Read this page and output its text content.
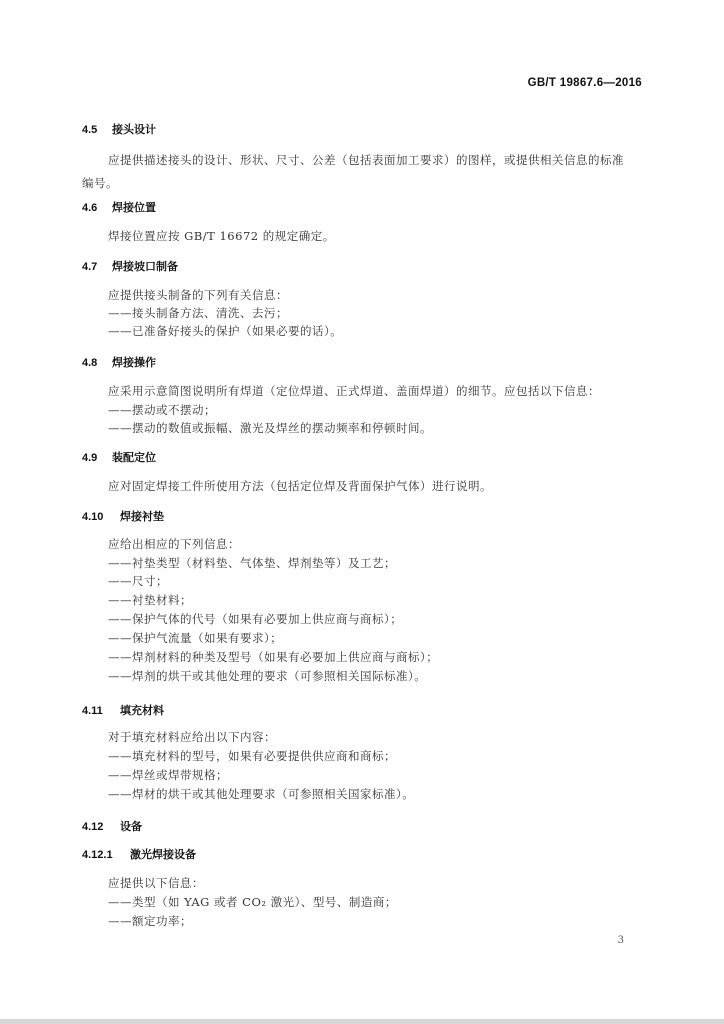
GB/T 19867.6—2016
4.5 接头设计
应提供描述接头的设计、形状、尺寸、公差（包括表面加工要求）的图样，或提供相关信息的标准
编号。
4.6 焊接位置
焊接位置应按 GB/T 16672 的规定确定。
4.7 焊接坡口制备
应提供接头制备的下列有关信息：
——接头制备方法、清洗、去污；
——已准备好接头的保护（如果必要的话）。
4.8 焊接操作
应采用示意简图说明所有焊道（定位焊道、正式焊道、盖面焊道）的细节。应包括以下信息：
——摆动或不摆动；
——摆动的数值或振幅、激光及焊丝的摆动频率和停顿时间。
4.9 装配定位
应对固定焊接工件所使用方法（包括定位焊及背面保护气体）进行说明。
4.10 焊接衬垫
应给出相应的下列信息：
——衬垫类型（材料垫、气体垫、焊剂垫等）及工艺；
——尺寸；
——衬垫材料；
——保护气体的代号（如果有必要加上供应商与商标）；
——保护气流量（如果有要求）；
——焊剂材料的种类及型号（如果有必要加上供应商与商标）；
——焊剂的烘干或其他处理的要求（可参照相关国际标准）。
4.11 填充材料
对于填充材料应给出以下内容：
——填充材料的型号，如果有必要提供供应商和商标；
——焊丝或焊带规格；
——焊材的烘干或其他处理要求（可参照相关国家标准）。
4.12 设备
4.12.1 激光焊接设备
应提供以下信息：
——类型（如 YAG 或者 CO₂ 激光）、型号、制造商；
——额定功率；
3
